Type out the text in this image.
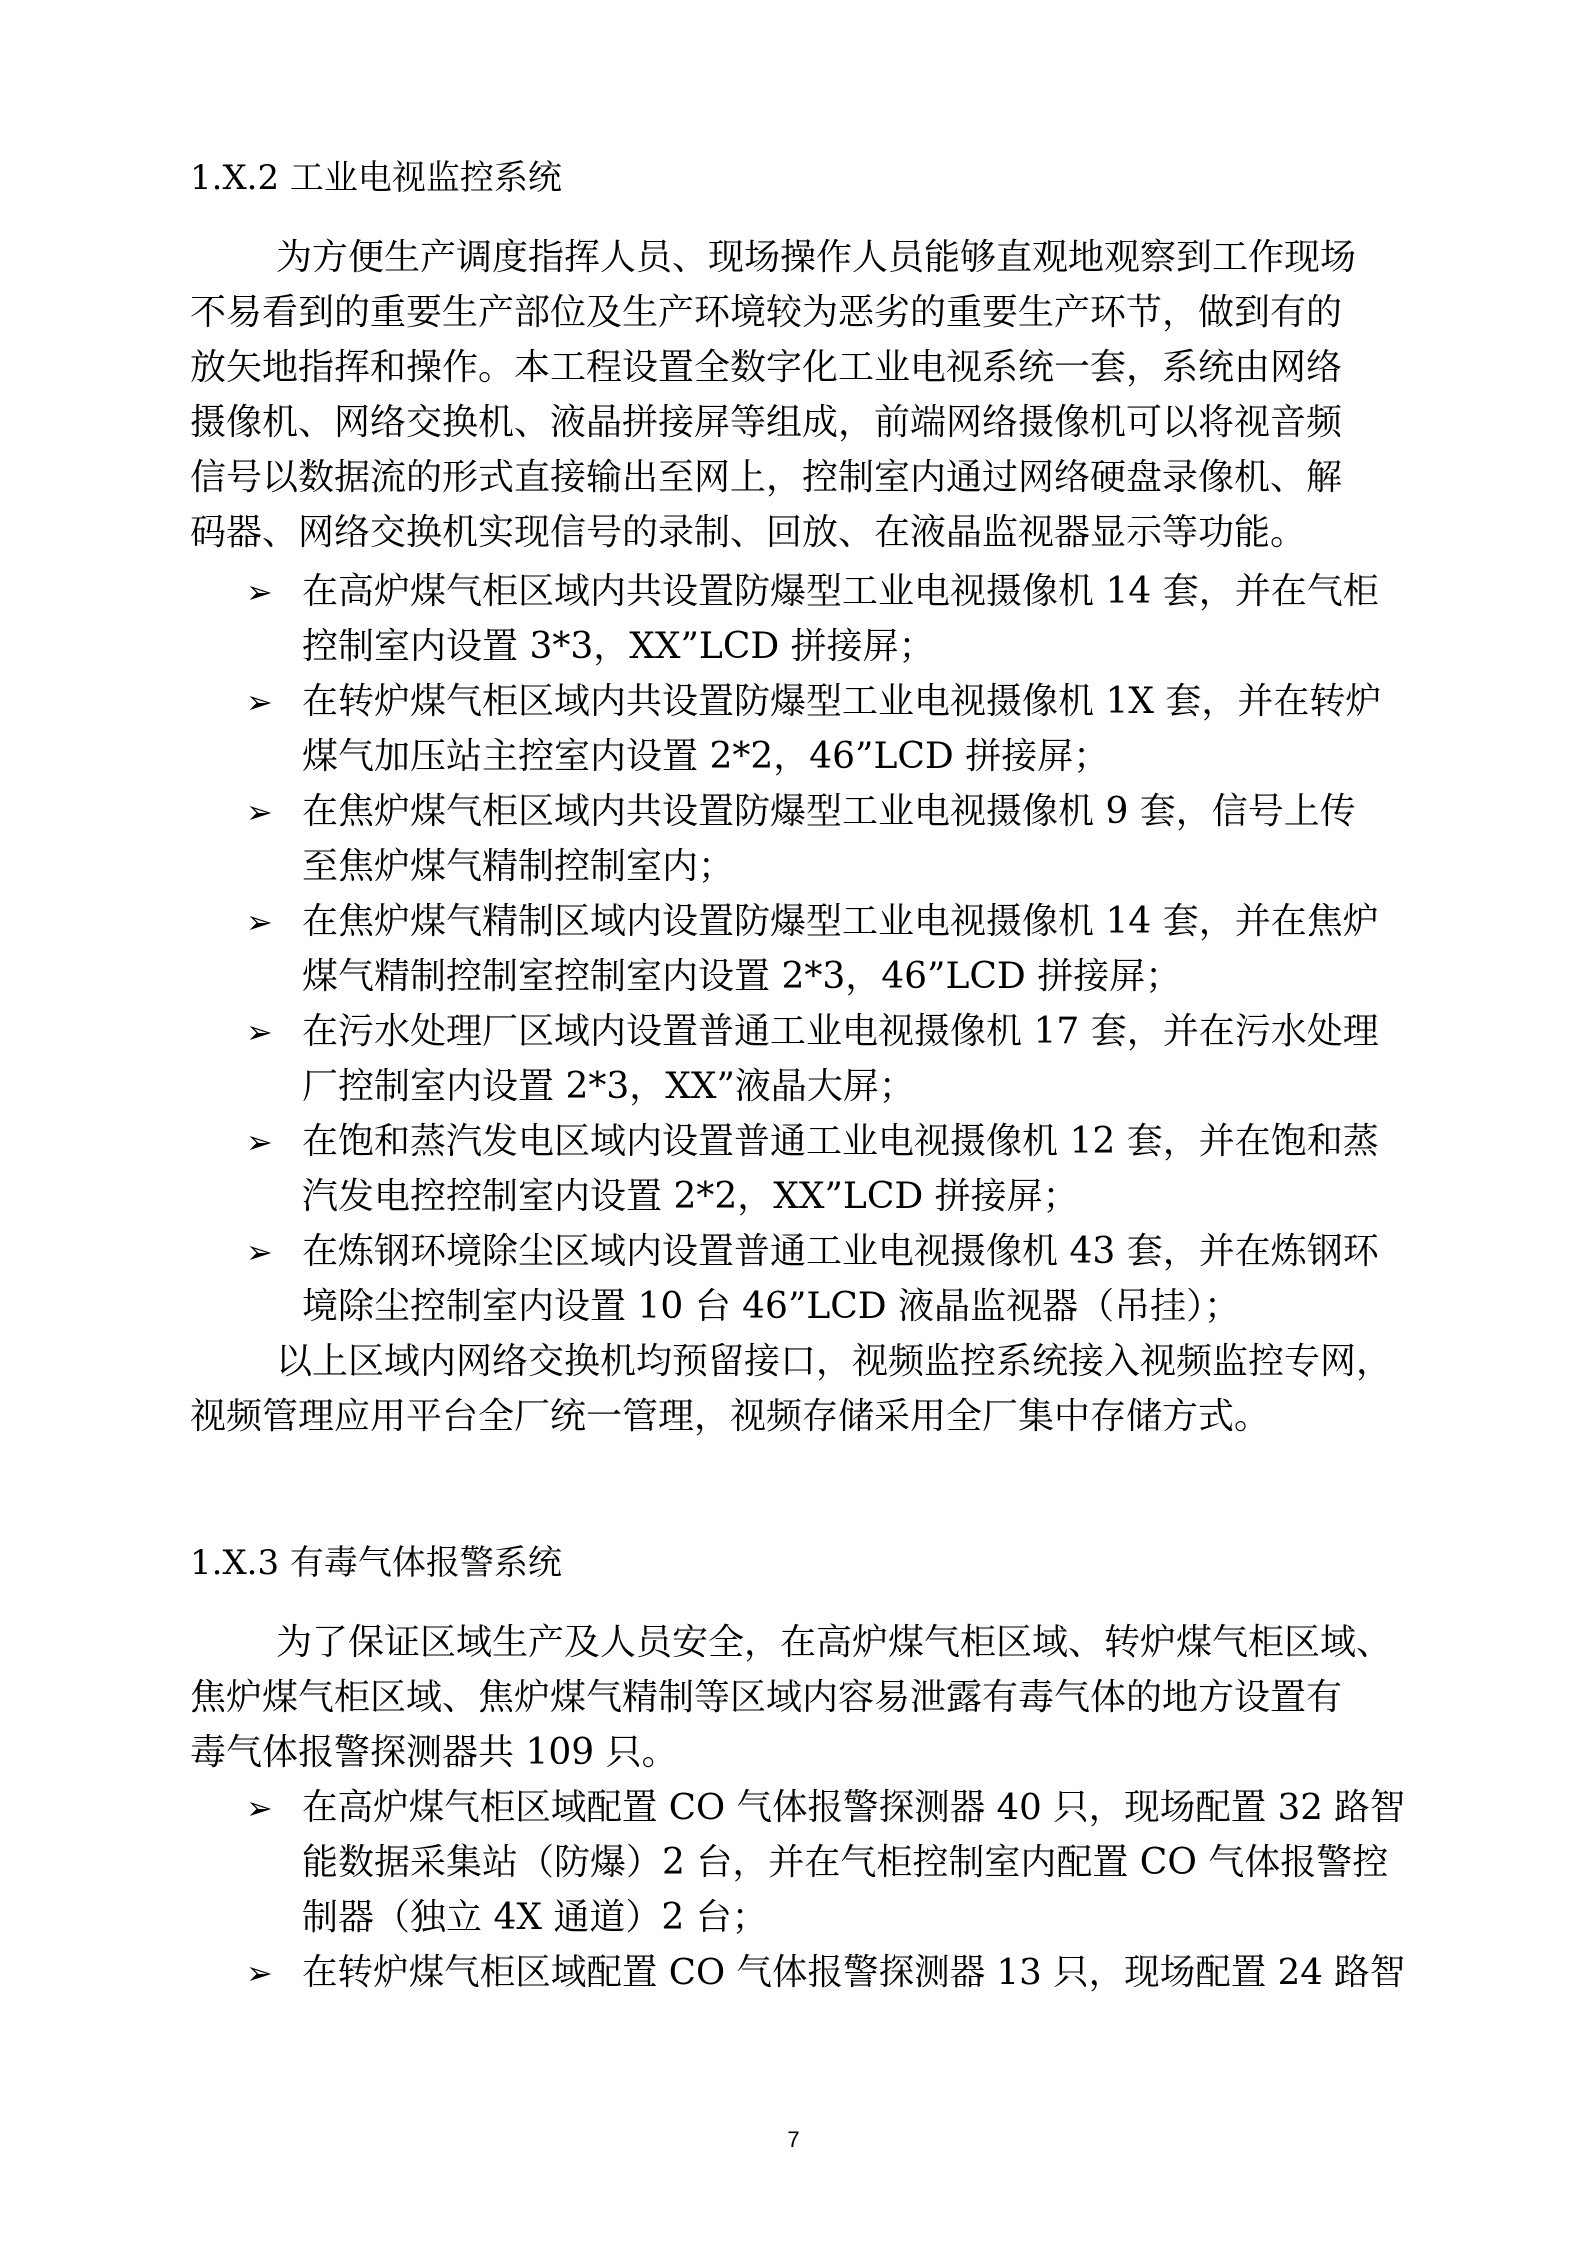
1.X.2 工业电视监控系统
为方便生产调度指挥人员、现场操作人员能够直观地观察到工作现场
不易看到的重要生产部位及生产环境较为恶劣的重要生产环节，做到有的
放矢地指挥和操作。本工程设置全数字化工业电视系统一套，系统由网络
摄像机、网络交换机、液晶拼接屏等组成，前端网络摄像机可以将视音频
信号以数据流的形式直接输出至网上，控制室内通过网络硬盘录像机、解
码器、网络交换机实现信号的录制、回放、在液晶监视器显示等功能。
➢ 在高炉煤气柜区域内共设置防爆型工业电视摄像机 14 套，并在气柜
控制室内设置 3*3，XX”LCD 拼接屏；
➢ 在转炉煤气柜区域内共设置防爆型工业电视摄像机 1X 套，并在转炉
煤气加压站主控室内设置 2*2，46”LCD 拼接屏；
➢ 在焦炉煤气柜区域内共设置防爆型工业电视摄像机 9 套，信号上传
至焦炉煤气精制控制室内；
➢ 在焦炉煤气精制区域内设置防爆型工业电视摄像机 14 套，并在焦炉
煤气精制控制室控制室内设置 2*3，46”LCD 拼接屏；
➢ 在污水处理厂区域内设置普通工业电视摄像机 17 套，并在污水处理
厂控制室内设置 2*3，XX”液晶大屏；
➢ 在饱和蒸汽发电区域内设置普通工业电视摄像机 12 套，并在饱和蒸
汽发电控控制室内设置 2*2，XX”LCD 拼接屏；
➢ 在炼钢环境除尘区域内设置普通工业电视摄像机 43 套，并在炼钢环
境除尘控制室内设置 10 台 46”LCD 液晶监视器（吊挂）；
以上区域内网络交换机均预留接口，视频监控系统接入视频监控专网，
视频管理应用平台全厂统一管理，视频存储采用全厂集中存储方式。
1.X.3 有毒气体报警系统
为了保证区域生产及人员安全，在高炉煤气柜区域、转炉煤气柜区域、
焦炉煤气柜区域、焦炉煤气精制等区域内容易泄露有毒气体的地方设置有
毒气体报警探测器共 109 只。
➢ 在高炉煤气柜区域配置 CO 气体报警探测器 40 只，现场配置 32 路智
能数据采集站（防爆）2 台，并在气柜控制室内配置 CO 气体报警控
制器（独立 4X 通道）2 台；
➢ 在转炉煤气柜区域配置 CO 气体报警探测器 13 只，现场配置 24 路智
7
